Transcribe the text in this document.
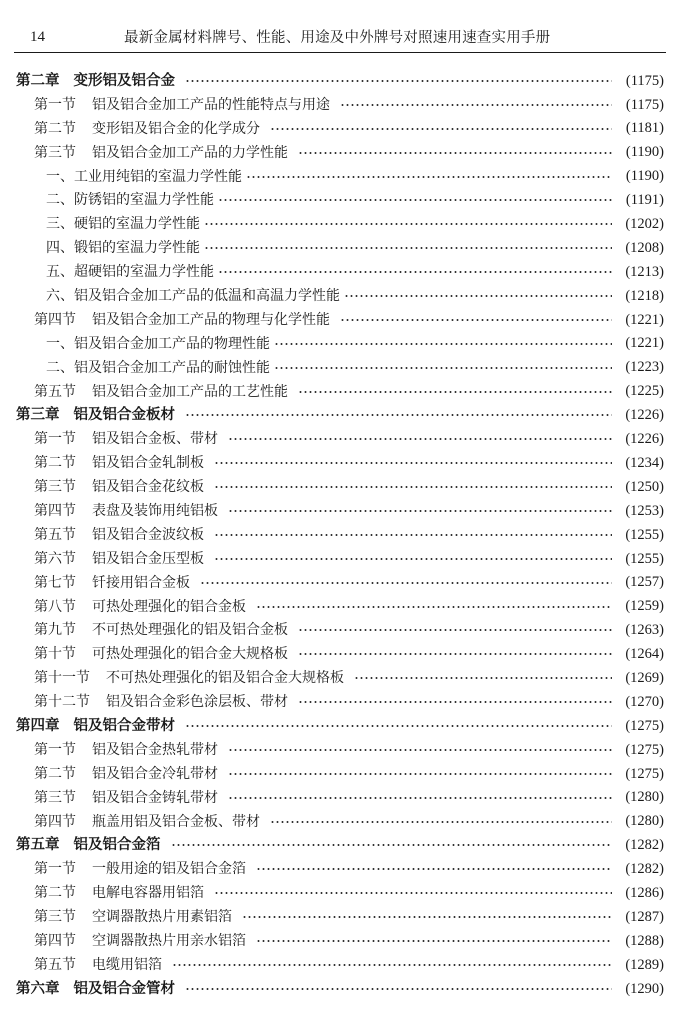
14	最新金属材料牌号、性能、用途及中外牌号对照速用速查实用手册
第二章 变形铝及铝合金	(1175)
第一节 铝及铝合金加工产品的性能特点与用途	(1175)
第二节 变形铝及铝合金的化学成分	(1181)
第三节 铝及铝合金加工产品的力学性能	(1190)
一、工业用纯铝的室温力学性能	(1190)
二、防锈铝的室温力学性能	(1191)
三、硬铝的室温力学性能	(1202)
四、锻铝的室温力学性能	(1208)
五、超硬铝的室温力学性能	(1213)
六、铝及铝合金加工产品的低温和高温力学性能	(1218)
第四节 铝及铝合金加工产品的物理与化学性能	(1221)
一、铝及铝合金加工产品的物理性能	(1221)
二、铝及铝合金加工产品的耐蚀性能	(1223)
第五节 铝及铝合金加工产品的工艺性能	(1225)
第三章 铝及铝合金板材	(1226)
第一节 铝及铝合金板、带材	(1226)
第二节 铝及铝合金轧制板	(1234)
第三节 铝及铝合金花纹板	(1250)
第四节 表盘及装饰用纯铝板	(1253)
第五节 铝及铝合金波纹板	(1255)
第六节 铝及铝合金压型板	(1255)
第七节 钎接用铝合金板	(1257)
第八节 可热处理强化的铝合金板	(1259)
第九节 不可热处理强化的铝及铝合金板	(1263)
第十节 可热处理强化的铝合金大规格板	(1264)
第十一节 不可热处理强化的铝及铝合金大规格板	(1269)
第十二节 铝及铝合金彩色涂层板、带材	(1270)
第四章 铝及铝合金带材	(1275)
第一节 铝及铝合金热轧带材	(1275)
第二节 铝及铝合金冷轧带材	(1275)
第三节 铝及铝合金铸轧带材	(1280)
第四节 瓶盖用铝及铝合金板、带材	(1280)
第五章 铝及铝合金箔	(1282)
第一节 一般用途的铝及铝合金箔	(1282)
第二节 电解电容器用铝箔	(1286)
第三节 空调器散热片用素铝箔	(1287)
第四节 空调器散热片用亲水铝箔	(1288)
第五节 电缆用铝箔	(1289)
第六章 铝及铝合金管材	(1290)
